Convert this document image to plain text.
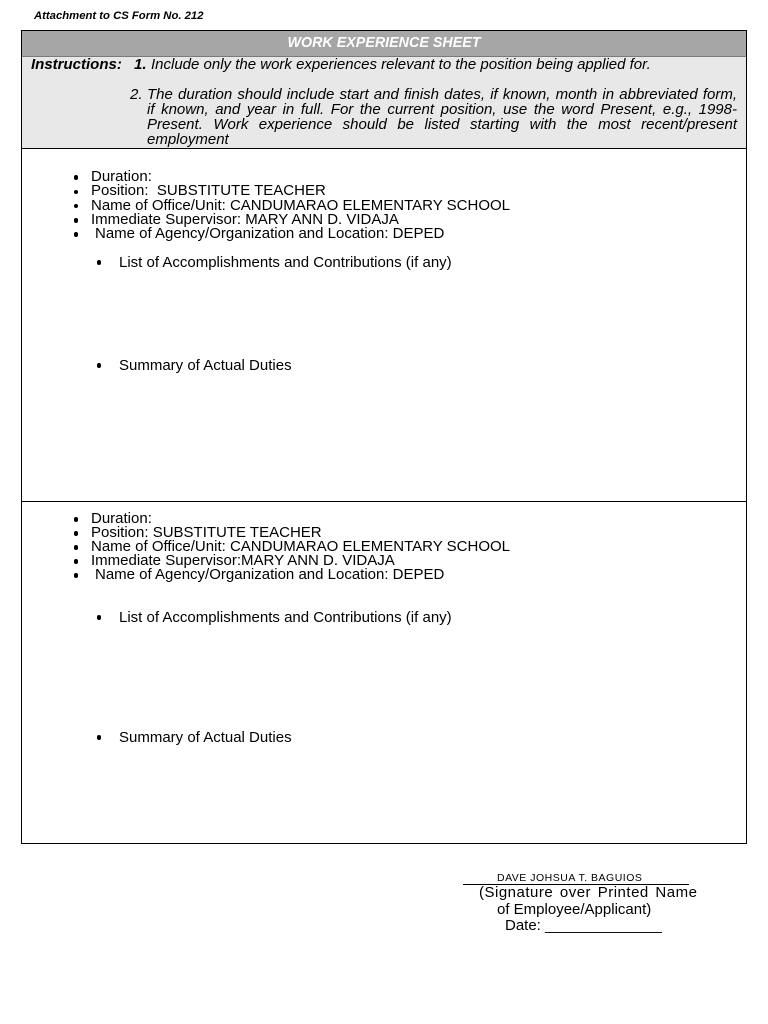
Attachment to CS Form No. 212
WORK EXPERIENCE SHEET
Instructions: 1. Include only the work experiences relevant to the position being applied for.
2. The duration should include start and finish dates, if known, month in abbreviated form,
if known, and year in full. For the current position, use the word Present, e.g., 1998-
Present. Work experience should be listed starting with the most recent/present
employment
Duration:
Position:  SUBSTITUTE TEACHER
Name of Office/Unit: CANDUMARAO ELEMENTARY SCHOOL
Immediate Supervisor: MARY ANN D. VIDAJA
Name of Agency/Organization and Location: DEPED
List of Accomplishments and Contributions (if any)
Summary of Actual Duties
Duration:
Position: SUBSTITUTE TEACHER
Name of Office/Unit: CANDUMARAO ELEMENTARY SCHOOL
Immediate Supervisor:MARY ANN D. VIDAJA
Name of Agency/Organization and Location: DEPED
List of Accomplishments and Contributions (if any)
Summary of Actual Duties
DAVE JOHSUA T. BAGUIOS
(Signature over Printed Name
of Employee/Applicant)
Date: ______________
